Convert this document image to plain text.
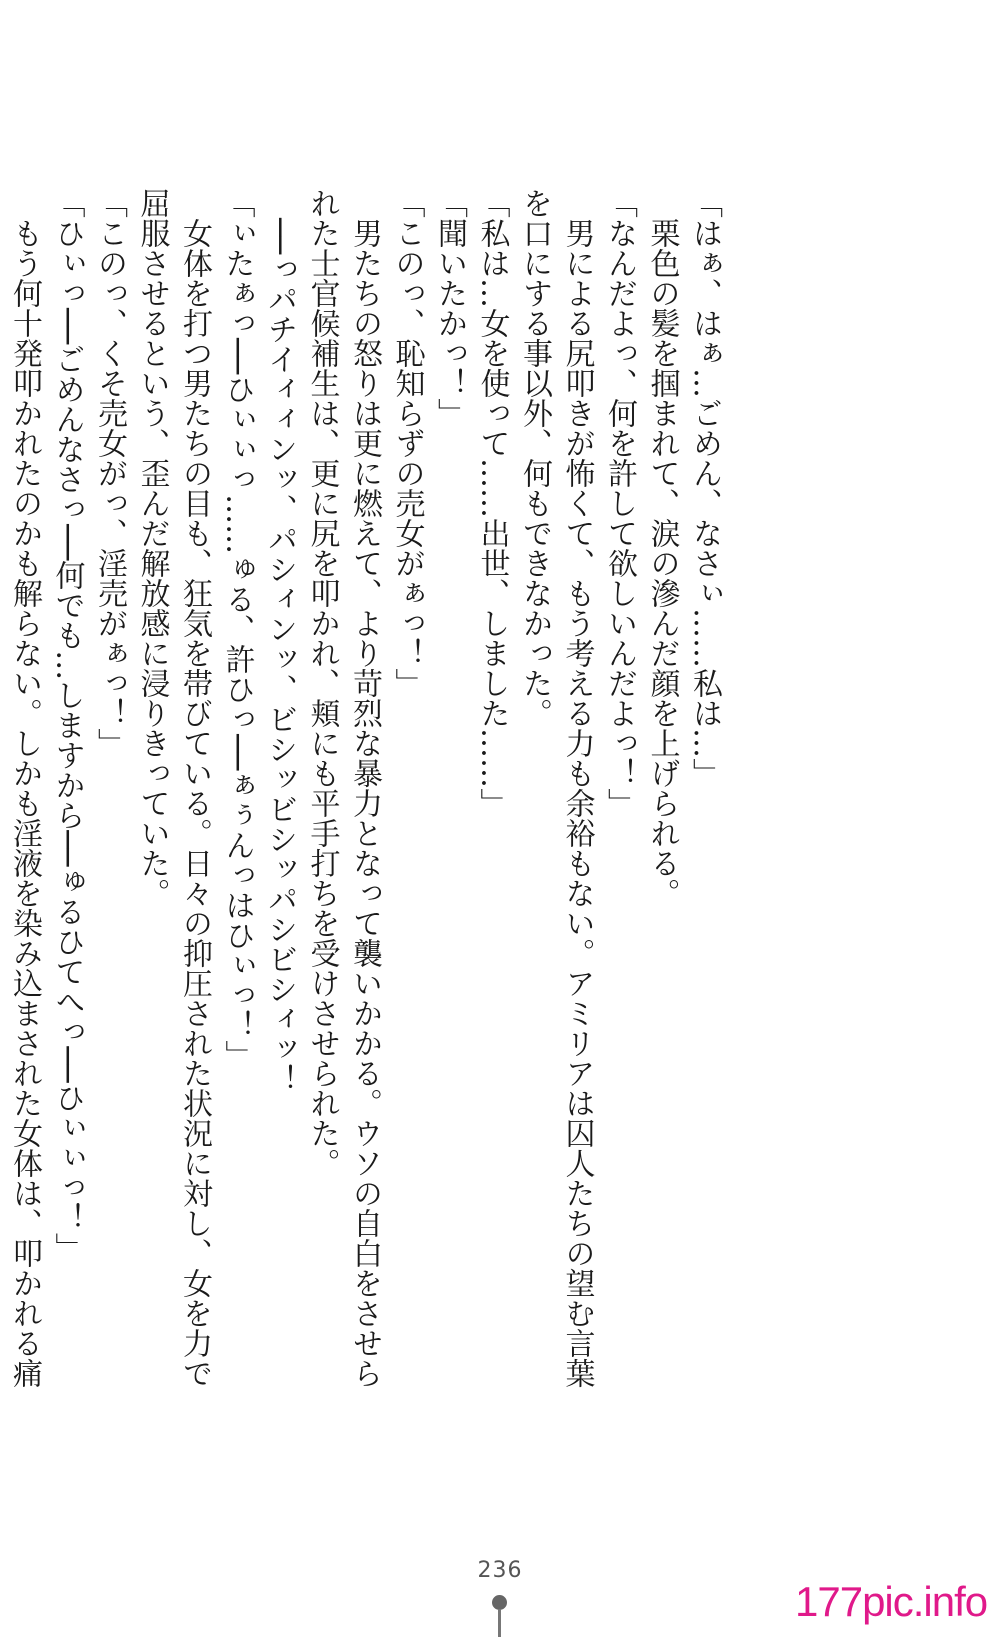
「はぁ、はぁ…ごめん、なさぃ……私は…」
　栗色の髪を掴まれて、涙の滲んだ顔を上げられる。
「なんだよっ、何を許して欲しいんだよっ！」
　男による尻叩きが怖くて、もう考える力も余裕もない。アミリアは囚人たちの望む言葉
を口にする事以外、何もできなかった。
「私は…女を使って……出世、しました……」
「聞いたかっ！」
「このっ、恥知らずの売女がぁっ！」
　男たちの怒りは更に燃えて、より苛烈な暴力となって襲いかかる。ウソの自白をさせら
れた士官候補生は、更に尻を叩かれ、頬にも平手打ちを受けさせられた。
　──っパチイィィンッ、パシィンッ、ビシッビシッパシビシィッ！
「ぃたぁっ──ひぃぃっ……ゅる、許ひっ──ぁぅんっはひぃっ！」
　女体を打つ男たちの目も、狂気を帯びている。日々の抑圧された状況に対し、女を力で
屈服させるという、歪んだ解放感に浸りきっていた。
「このっ、くそ売女がっ、淫売がぁっ！」
「ひぃっ──ごめんなさっ──何でも…しますから──ゅるひてへっ──ひぃぃっ！」
　もう何十発叩かれたのかも解らない。しかも淫液を染み込まされた女体は、叩かれる痛
236
177pic.info
